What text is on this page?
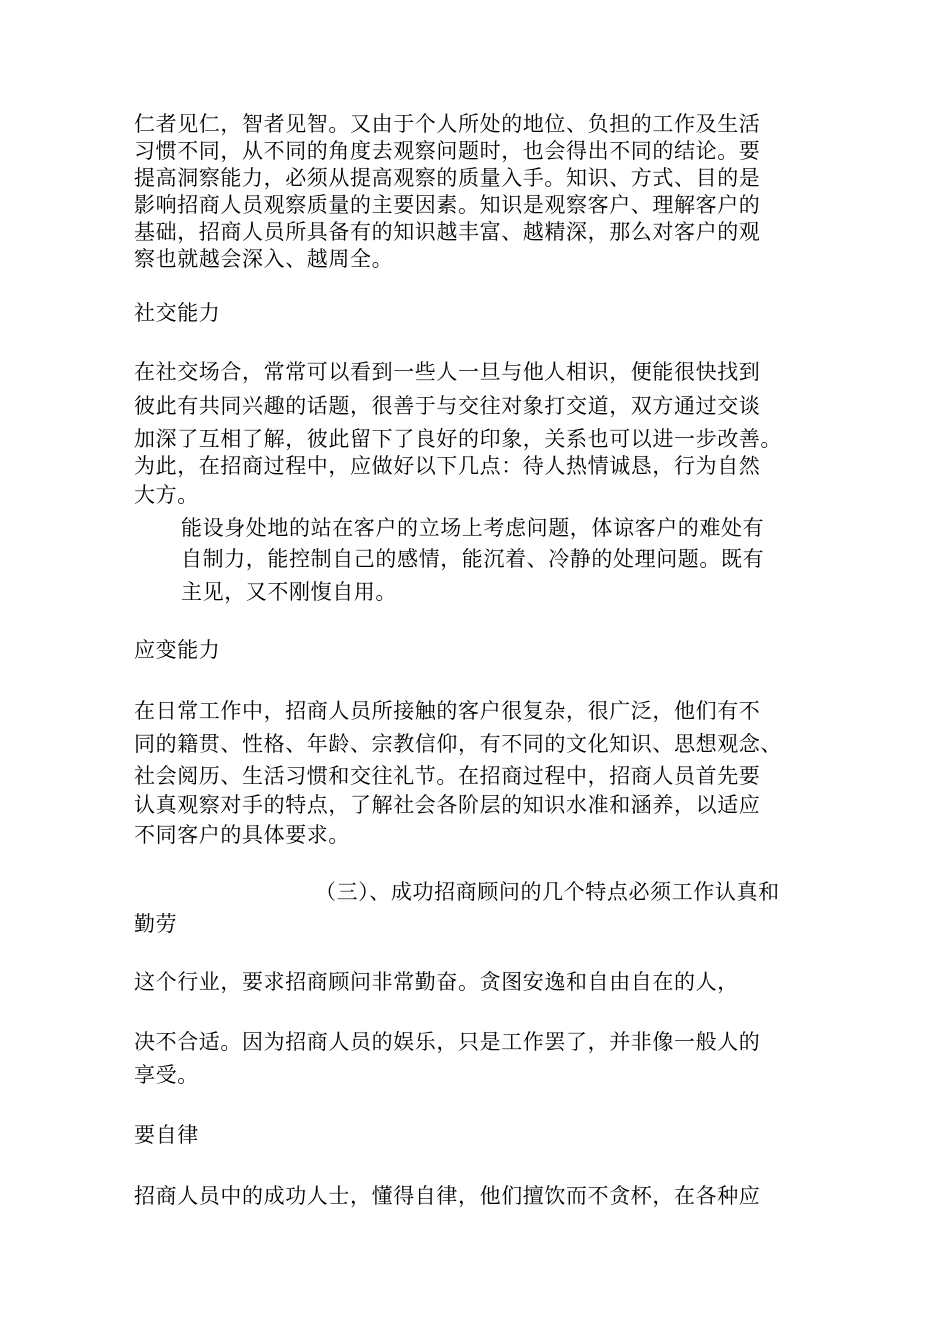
仁者见仁，智者见智。又由于个人所处的地位、负担的工作及生活
习惯不同，从不同的角度去观察问题时，也会得出不同的结论。要
提高洞察能力，必须从提高观察的质量入手。知识、方式、目的是
影响招商人员观察质量的主要因素。知识是观察客户、理解客户的
基础，招商人员所具备有的知识越丰富、越精深，那么对客户的观
察也就越会深入、越周全。
社交能力
在社交场合，常常可以看到一些人一旦与他人相识，便能很快找到
彼此有共同兴趣的话题，很善于与交往对象打交道，双方通过交谈
加深了互相了解，彼此留下了良好的印象，关系也可以进一步改善。
为此，在招商过程中，应做好以下几点：待人热情诚恳，行为自然
大方。
能设身处地的站在客户的立场上考虑问题，体谅客户的难处有
自制力，能控制自己的感情，能沉着、冷静的处理问题。既有
主见，又不刚愎自用。
应变能力
在日常工作中，招商人员所接触的客户很复杂，很广泛，他们有不
同的籍贯、性格、年龄、宗教信仰，有不同的文化知识、思想观念、
社会阅历、生活习惯和交往礼节。在招商过程中，招商人员首先要
认真观察对手的特点，了解社会各阶层的知识水准和涵养，以适应
不同客户的具体要求。
（三）、成功招商顾问的几个特点必须工作认真和
勤劳
这个行业，要求招商顾问非常勤奋。贪图安逸和自由自在的人，
决不合适。因为招商人员的娱乐，只是工作罢了，并非像一般人的
享受。
要自律
招商人员中的成功人士，懂得自律，他们擅饮而不贪杯，在各种应
